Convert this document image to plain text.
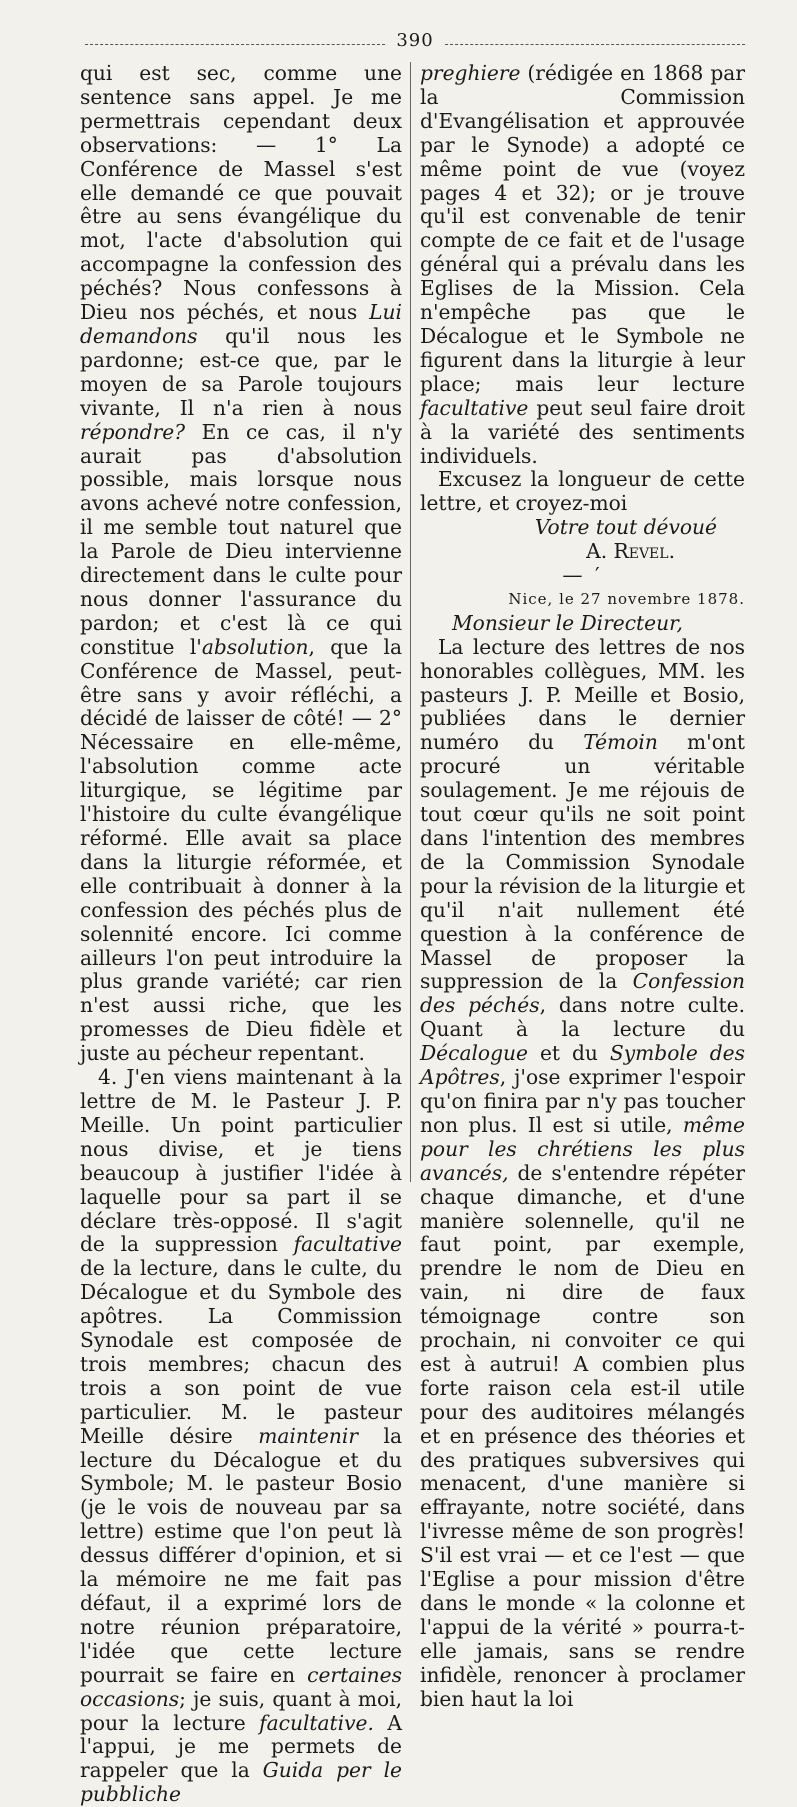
390

qui est sec, comme une sentence sans appel. Je me permettrais cependant deux observations: — 1° La Conférence de Massel s'est elle demandé ce que pouvait être au sens évangélique du mot, l'acte d'absolution qui accompagne la confession des péchés? Nous confessons à Dieu nos péchés, et nous Lui demandons qu'il nous les pardonne; est-ce que, par le moyen de sa Parole toujours vivante, Il n'a rien à nous répondre? En ce cas, il n'y aurait pas d'absolution possible, mais lorsque nous avons achevé notre confession, il me semble tout naturel que la Parole de Dieu intervienne directement dans le culte pour nous donner l'assurance du pardon; et c'est là ce qui constitue l'absolution, que la Conférence de Massel, peut-être sans y avoir réfléchi, a décidé de laisser de côté! — 2° Nécessaire en elle-même, l'absolution comme acte liturgique, se légitime par l'histoire du culte évangélique réformé. Elle avait sa place dans la liturgie réformée, et elle contribuait à donner à la confession des péchés plus de solennité encore. Ici comme ailleurs l'on peut introduire la plus grande variété; car rien n'est aussi riche, que les promesses de Dieu fidèle et juste au pécheur repentant.

4. J'en viens maintenant à la lettre de M. le Pasteur J. P. Meille. Un point particulier nous divise, et je tiens beaucoup à justifier l'idée à laquelle pour sa part il se déclare très-opposé. Il s'agit de la suppression facultative de la lecture, dans le culte, du Décalogue et du Symbole des apôtres. La Commission Synodale est composée de trois membres; chacun des trois a son point de vue particulier. M. le pasteur Meille désire maintenir la lecture du Décalogue et du Symbole; M. le pasteur Bosio (je le vois de nouveau par sa lettre) estime que l'on peut là dessus différer d'opinion, et si la mémoire ne me fait pas défaut, il a exprimé lors de notre réunion préparatoire, l'idée que cette lecture pourrait se faire en certaines occasions; je suis, quant à moi, pour la lecture facultative. A l'appui, je me permets de rappeler que la Guida per le pubbliche

preghiere (rédigée en 1868 par la Commission d'Evangélisation et approuvée par le Synode) a adopté ce même point de vue (voyez pages 4 et 32); or je trouve qu'il est convenable de tenir compte de ce fait et de l'usage général qui a prévalu dans les Eglises de la Mission. Cela n'empêche pas que le Décalogue et le Symbole ne figurent dans la liturgie à leur place; mais leur lecture facultative peut seul faire droit à la variété des sentiments individuels.

Excusez la longueur de cette lettre, et croyez-moi

Votre tout dévoué

A. Revel.

— ′

Nice, le 27 novembre 1878.

Monsieur le Directeur,

La lecture des lettres de nos honorables collègues, MM. les pasteurs J. P. Meille et Bosio, publiées dans le dernier numéro du Témoin m'ont procuré un véritable soulagement. Je me réjouis de tout cœur qu'ils ne soit point dans l'intention des membres de la Commission Synodale pour la révision de la liturgie et qu'il n'ait nullement été question à la conférence de Massel de proposer la suppression de la Confession des péchés, dans notre culte. Quant à la lecture du Décalogue et du Symbole des Apôtres, j'ose exprimer l'espoir qu'on finira par n'y pas toucher non plus. Il est si utile, même pour les chrétiens les plus avancés, de s'entendre répéter chaque dimanche, et d'une manière solennelle, qu'il ne faut point, par exemple, prendre le nom de Dieu en vain, ni dire de faux témoignage contre son prochain, ni convoiter ce qui est à autrui! A combien plus forte raison cela est-il utile pour des auditoires mélangés et en présence des théories et des pratiques subversives qui menacent, d'une manière si effrayante, notre société, dans l'ivresse même de son progrès! S'il est vrai — et ce l'est — que l'Eglise a pour mission d'être dans le monde « la colonne et l'appui de la vérité » pourra-t-elle jamais, sans se rendre infidèle, renoncer à proclamer bien haut la loi
